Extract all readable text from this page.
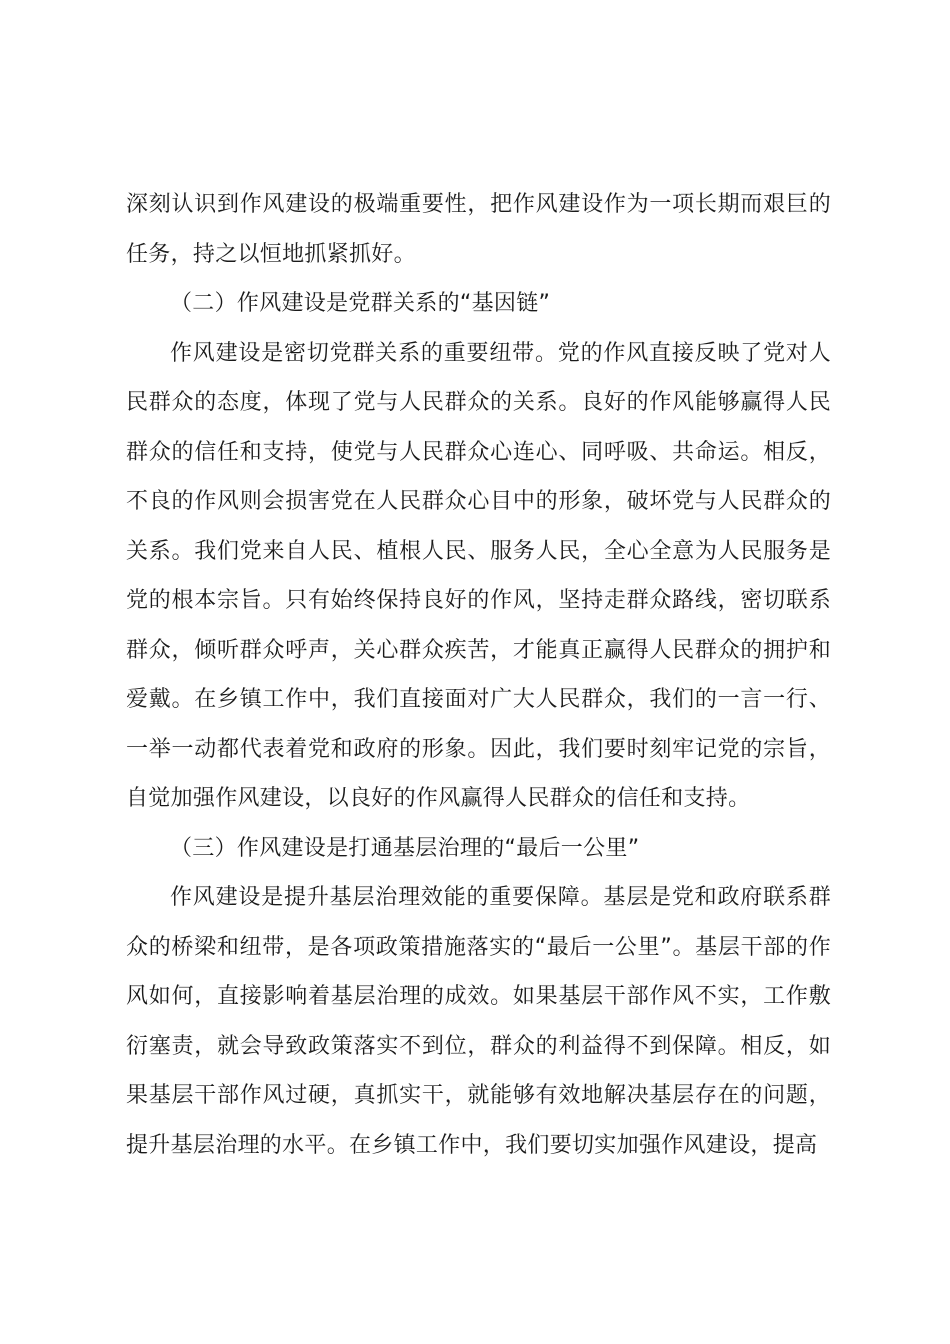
深刻认识到作风建设的极端重要性，把作风建设作为一项长期而艰巨的任务，持之以恒地抓紧抓好。

（二）作风建设是党群关系的“基因链”

作风建设是密切党群关系的重要纽带。党的作风直接反映了党对人民群众的态度，体现了党与人民群众的关系。良好的作风能够赢得人民群众的信任和支持，使党与人民群众心连心、同呼吸、共命运。相反，不良的作风则会损害党在人民群众心目中的形象，破坏党与人民群众的关系。我们党来自人民、植根人民、服务人民，全心全意为人民服务是党的根本宗旨。只有始终保持良好的作风，坚持走群众路线，密切联系群众，倾听群众呼声，关心群众疾苦，才能真正赢得人民群众的拥护和爱戴。在乡镇工作中，我们直接面对广大人民群众，我们的一言一行、一举一动都代表着党和政府的形象。因此，我们要时刻牢记党的宗旨，自觉加强作风建设，以良好的作风赢得人民群众的信任和支持。

（三）作风建设是打通基层治理的“最后一公里”

作风建设是提升基层治理效能的重要保障。基层是党和政府联系群众的桥梁和纽带，是各项政策措施落实的“最后一公里”。基层干部的作风如何，直接影响着基层治理的成效。如果基层干部作风不实，工作敷衍塞责，就会导致政策落实不到位，群众的利益得不到保障。相反，如果基层干部作风过硬，真抓实干，就能够有效地解决基层存在的问题，提升基层治理的水平。在乡镇工作中，我们要切实加强作风建设，提高
